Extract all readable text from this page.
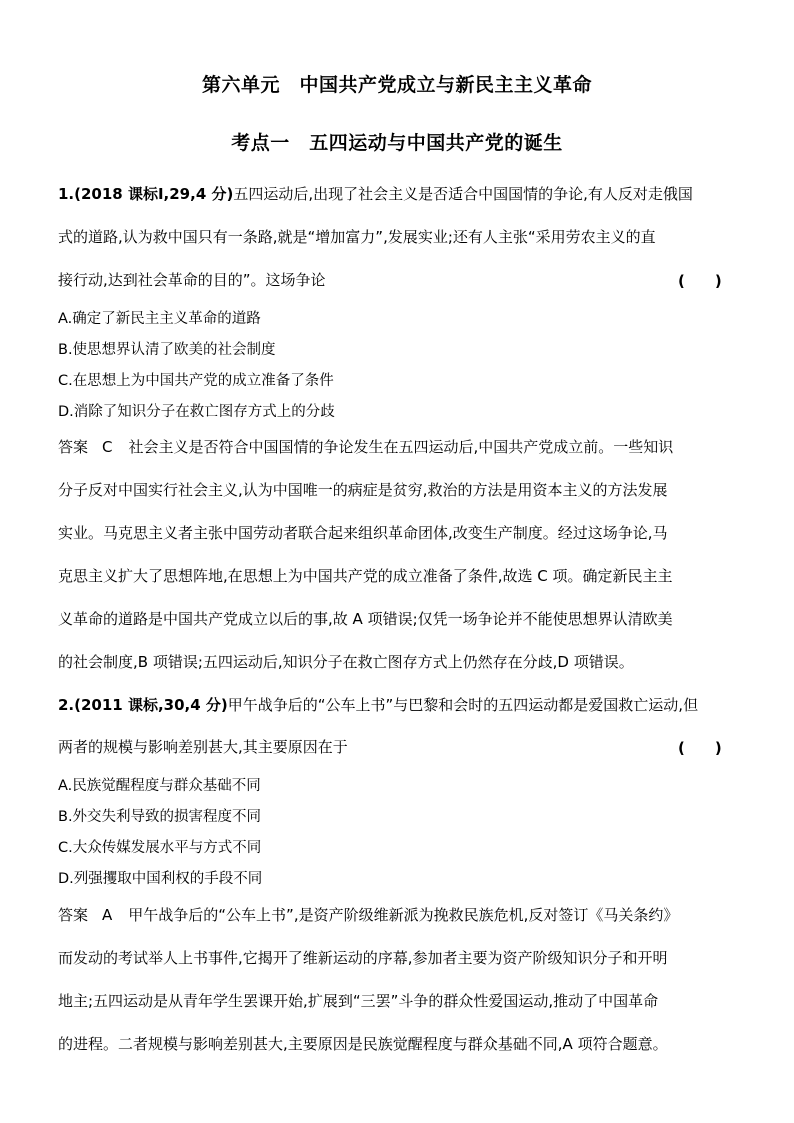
第六单元　中国共产党成立与新民主主义革命
考点一　五四运动与中国共产党的诞生
1.(2018 课标Ⅰ,29,4 分)五四运动后,出现了社会主义是否适合中国国情的争论,有人反对走俄国
式的道路,认为救中国只有一条路,就是“增加富力”,发展实业;还有人主张“采用劳农主义的直
接行动,达到社会革命的目的”。这场争论	(　　)
A.确定了新民主主义革命的道路
B.使思想界认清了欧美的社会制度
C.在思想上为中国共产党的成立准备了条件
D.消除了知识分子在救亡图存方式上的分歧
答案 C 社会主义是否符合中国国情的争论发生在五四运动后,中国共产党成立前。一些知识
分子反对中国实行社会主义,认为中国唯一的病症是贫穷,救治的方法是用资本主义的方法发展
实业。马克思主义者主张中国劳动者联合起来组织革命团体,改变生产制度。经过这场争论,马
克思主义扩大了思想阵地,在思想上为中国共产党的成立准备了条件,故选 C 项。确定新民主主
义革命的道路是中国共产党成立以后的事,故 A 项错误;仅凭一场争论并不能使思想界认清欧美
的社会制度,B 项错误;五四运动后,知识分子在救亡图存方式上仍然存在分歧,D 项错误。
2.(2011 课标,30,4 分)甲午战争后的“公车上书”与巴黎和会时的五四运动都是爱国救亡运动,但
两者的规模与影响差别甚大,其主要原因在于	(　　)
A.民族觉醒程度与群众基础不同
B.外交失利导致的损害程度不同
C.大众传媒发展水平与方式不同
D.列强攫取中国利权的手段不同
答案 A 甲午战争后的“公车上书”,是资产阶级维新派为挽救民族危机,反对签订《马关条约》
而发动的考试举人上书事件,它揭开了维新运动的序幕,参加者主要为资产阶级知识分子和开明
地主;五四运动是从青年学生罢课开始,扩展到“三罢”斗争的群众性爱国运动,推动了中国革命
的进程。二者规模与影响差别甚大,主要原因是民族觉醒程度与群众基础不同,A 项符合题意。
